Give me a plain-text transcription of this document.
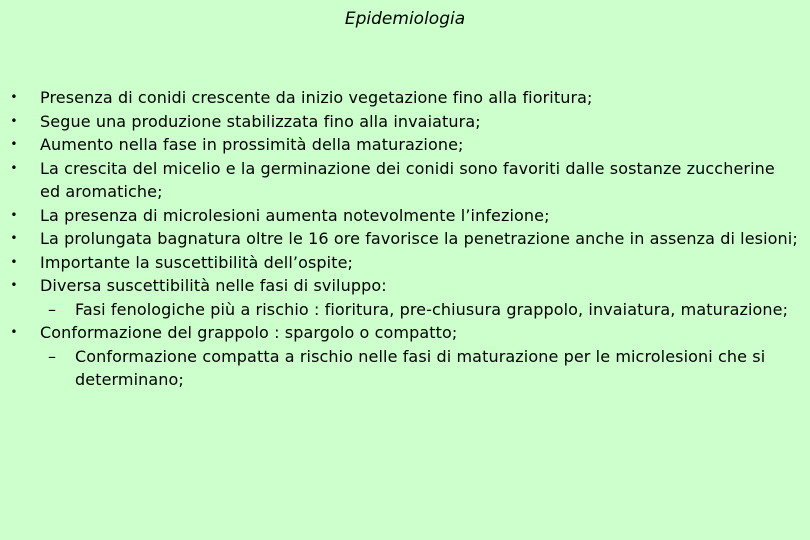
Epidemiologia
• Presenza di conidi crescente da inizio vegetazione fino alla fioritura;
• Segue una produzione stabilizzata fino alla invaiatura;
• Aumento nella fase in prossimità della maturazione;
• La crescita del micelio e la germinazione dei conidi sono favoriti dalle sostanze zuccherine ed aromatiche;
• La presenza di microlesioni aumenta notevolmente l’infezione;
• La prolungata bagnatura oltre le 16 ore favorisce la penetrazione anche in assenza di lesioni;
• Importante la suscettibilità dell’ospite;
• Diversa suscettibilità nelle fasi di sviluppo:
– Fasi fenologiche più a rischio : fioritura, pre-chiusura grappolo, invaiatura, maturazione;
• Conformazione del grappolo : spargolo o compatto;
– Conformazione compatta a rischio nelle fasi di maturazione per le microlesioni che si determinano;
